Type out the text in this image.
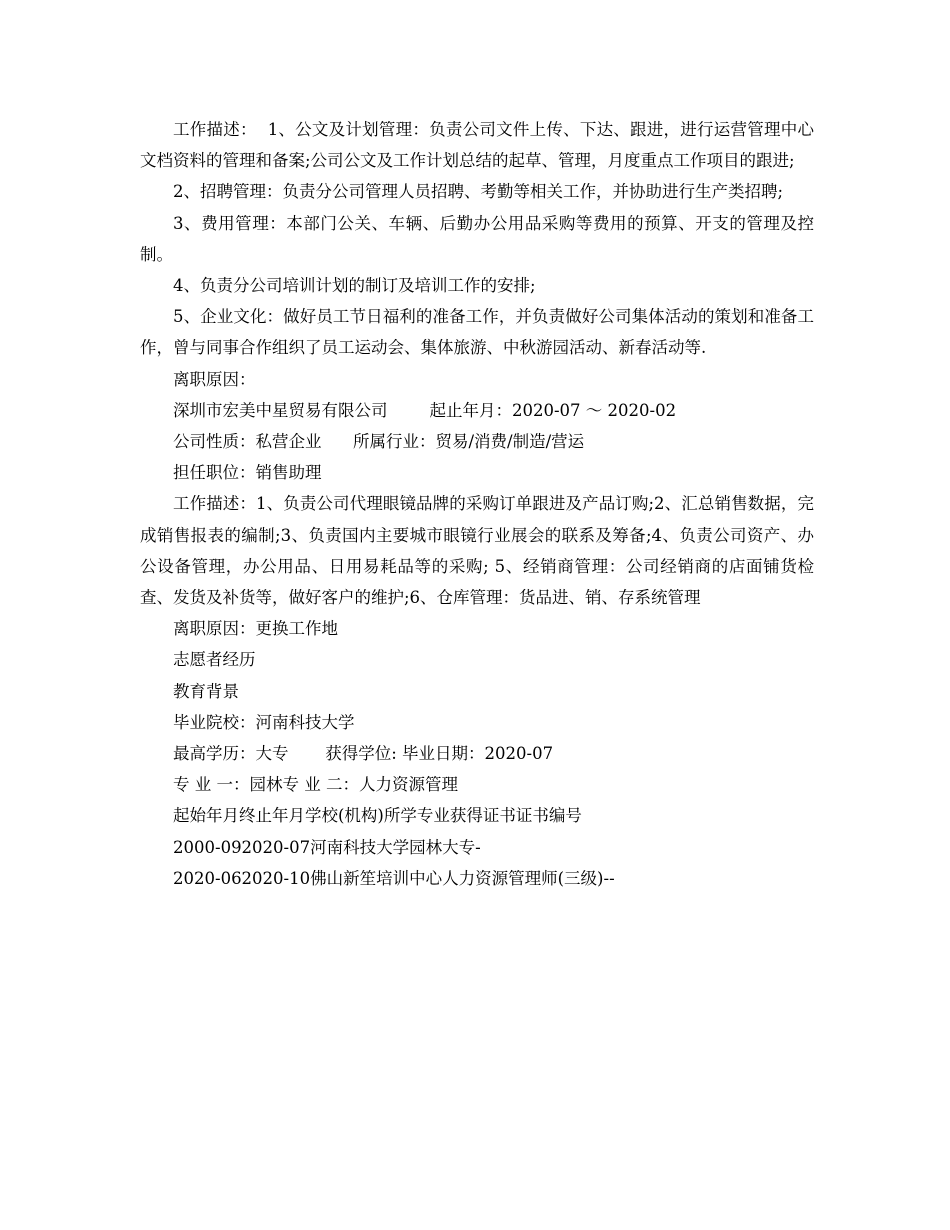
工作描述：  1、公文及计划管理：负责公司文件上传、下达、跟进，进行运营管理中心文档资料的管理和备案;公司公文及工作计划总结的起草、管理，月度重点工作项目的跟进;

2、招聘管理：负责分公司管理人员招聘、考勤等相关工作，并协助进行生产类招聘;

3、费用管理：本部门公关、车辆、后勤办公用品采购等费用的预算、开支的管理及控制。

4、负责分公司培训计划的制订及培训工作的安排;

5、企业文化：做好员工节日福利的准备工作，并负责做好公司集体活动的策划和准备工作，曾与同事合作组织了员工运动会、集体旅游、中秋游园活动、新春活动等.

离职原因：

深圳市宏美中星贸易有限公司        起止年月：2020-07 ～ 2020-02

公司性质：私营企业      所属行业：贸易/消费/制造/营运

担任职位：销售助理

工作描述：1、负责公司代理眼镜品牌的采购订单跟进及产品订购;2、汇总销售数据，完成销售报表的编制;3、负责国内主要城市眼镜行业展会的联系及筹备;4、负责公司资产、办公设备管理，办公用品、日用易耗品等的采购; 5、经销商管理：公司经销商的店面铺货检查、发货及补货等，做好客户的维护;6、仓库管理：货品进、销、存系统管理

离职原因：更换工作地

志愿者经历

教育背景

毕业院校：河南科技大学

最高学历：大专       获得学位: 毕业日期：2020-07

专 业 一：园林专 业 二：人力资源管理

起始年月终止年月学校(机构)所学专业获得证书证书编号

2000-092020-07河南科技大学园林大专-

2020-062020-10佛山新笙培训中心人力资源管理师(三级)--
